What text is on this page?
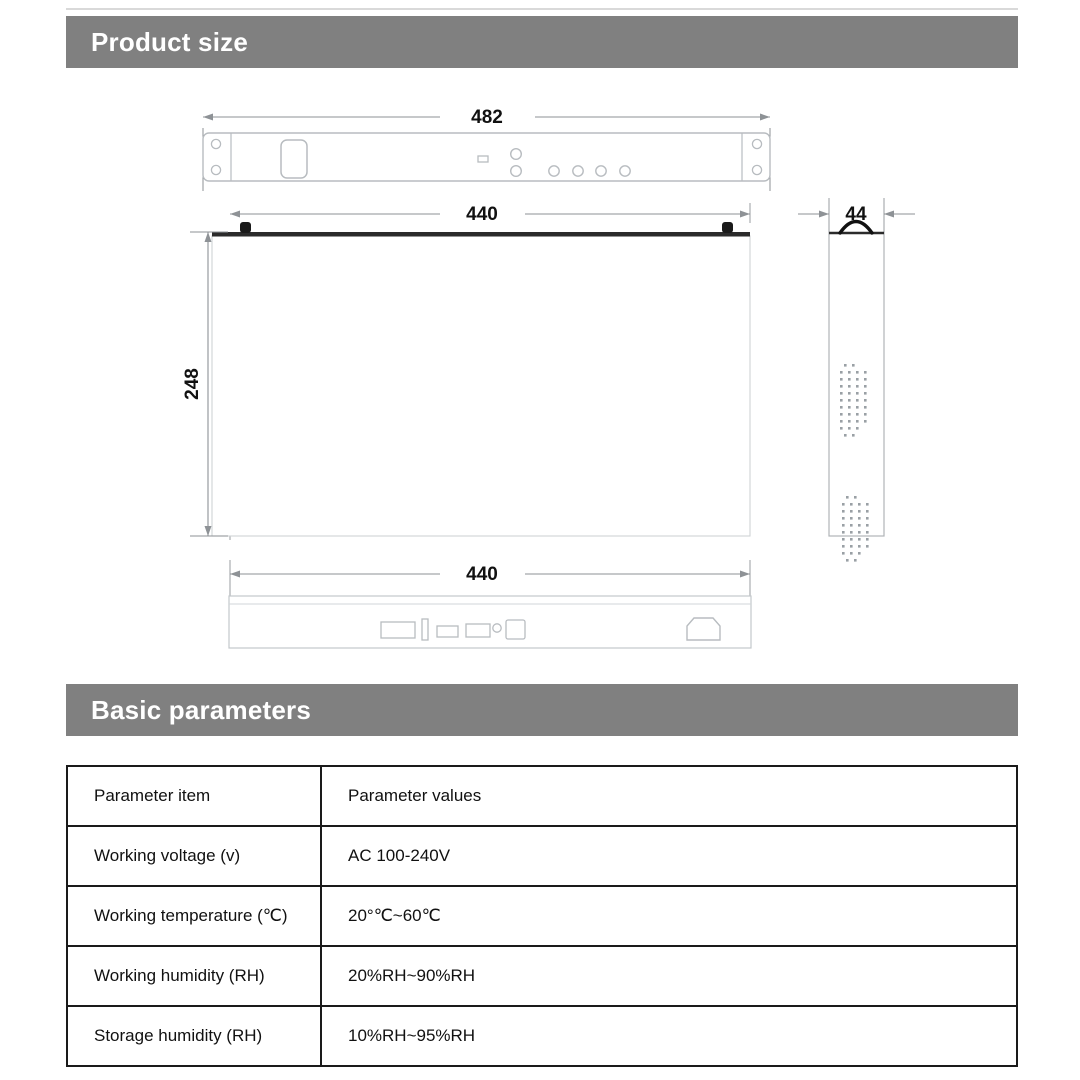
Product size
482
440
248
44
440
Basic parameters
Parameter item	Parameter values
Working voltage (v)	AC 100-240V
Working temperature (℃)	20°℃~60℃
Working humidity (RH)	20%RH~90%RH
Storage humidity (RH)	10%RH~95%RH
